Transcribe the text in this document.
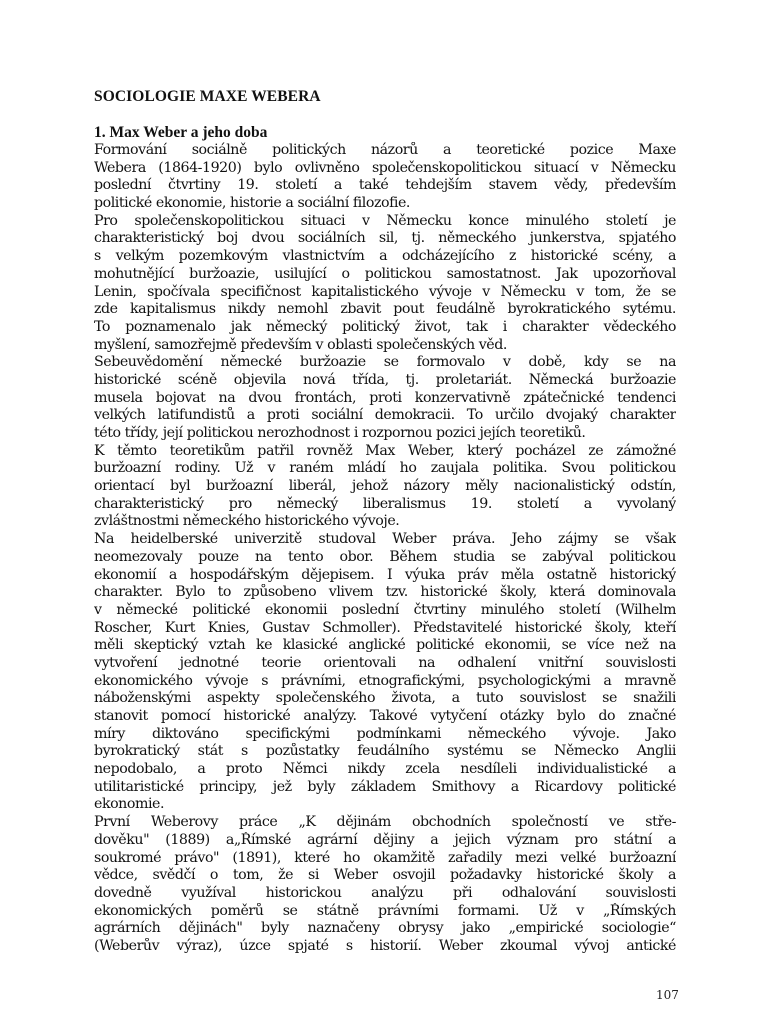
SOCIOLOGIE MAXE WEBERA
1. Max Weber a jeho doba
Formování sociálně politických názorů a teoretické pozice Maxe
Webera (1864-1920) bylo ovlivněno společenskopolitickou situací v Německu
poslední čtvrtiny 19. století a také tehdejším stavem vědy, především
politické ekonomie, historie a sociální filozofie.
Pro společenskopolitickou situaci v Německu konce minulého století je
charakteristický boj dvou sociálních sil, tj. německého junkerstva, spjatého
s velkým pozemkovým vlastnictvím a odcházejícího z historické scény, a
mohutnějící buržoazie, usilující o politickou samostatnost. Jak upozorňoval
Lenin, spočívala specifičnost kapitalistického vývoje v Německu v tom, že se
zde kapitalismus nikdy nemohl zbavit pout feudálně byrokratického sytému.
To poznamenalo jak německý politický život, tak i charakter vědeckého
myšlení, samozřejmě především v oblasti společenských věd.
Sebeuvědomění německé buržoazie se formovalo v době, kdy se na
historické scéně objevila nová třída, tj. proletariát. Německá buržoazie
musela bojovat na dvou frontách, proti konzervativně zpátečnické tendenci
velkých latifundistů a proti sociální demokracii. To určilo dvojaký charakter
této třídy, její politickou nerozhodnost i rozpornou pozici jejích teoretiků.
K těmto teoretikům patřil rovněž Max Weber, který pocházel ze zámožné
buržoazní rodiny. Už v raném mládí ho zaujala politika. Svou politickou
orientací byl buržoazní liberál, jehož názory měly nacionalistický odstín,
charakteristický pro německý liberalismus 19. století a vyvolaný
zvláštnostmi německého historického vývoje.
Na heidelberské univerzitě studoval Weber práva. Jeho zájmy se však
neomezovaly pouze na tento obor. Během studia se zabýval politickou
ekonomií a hospodářským dějepisem. I výuka práv měla ostatně historický
charakter. Bylo to způsobeno vlivem tzv. historické školy, která dominovala
v německé politické ekonomii poslední čtvrtiny minulého století (Wilhelm
Roscher, Kurt Knies, Gustav Schmoller). Představitelé historické školy, kteří
měli skeptický vztah ke klasické anglické politické ekonomii, se více než na
vytvoření jednotné teorie orientovali na odhalení vnitřní souvislosti
ekonomického vývoje s právními, etnografickými, psychologickými a mravně
náboženskými aspekty společenského života, a tuto souvislost se snažili
stanovit pomocí historické analýzy. Takové vytyčení otázky bylo do značné
míry diktováno specifickými podmínkami německého vývoje. Jako
byrokratický stát s pozůstatky feudálního systému se Německo Anglii
nepodobalo, a proto Němci nikdy zcela nesdíleli individualistické a
utilitaristické principy, jež byly základem Smithovy a Ricardovy politické
ekonomie.
První Weberovy práce „K dějinám obchodních společností ve stře-
dověku" (1889) a„Římské agrární dějiny a jejich význam pro státní a
soukromé právo" (1891), které ho okamžitě zařadily mezi velké buržoazní
vědce, svědčí o tom, že si Weber osvojil požadavky historické školy a
dovedně využíval historickou analýzu při odhalování souvislosti
ekonomických poměrů se státně právními formami. Už v „Římských
agrárních dějinách" byly naznačeny obrysy jako „empirické sociologie“
(Weberův výraz), úzce spjaté s historií. Weber zkoumal vývoj antické
107
